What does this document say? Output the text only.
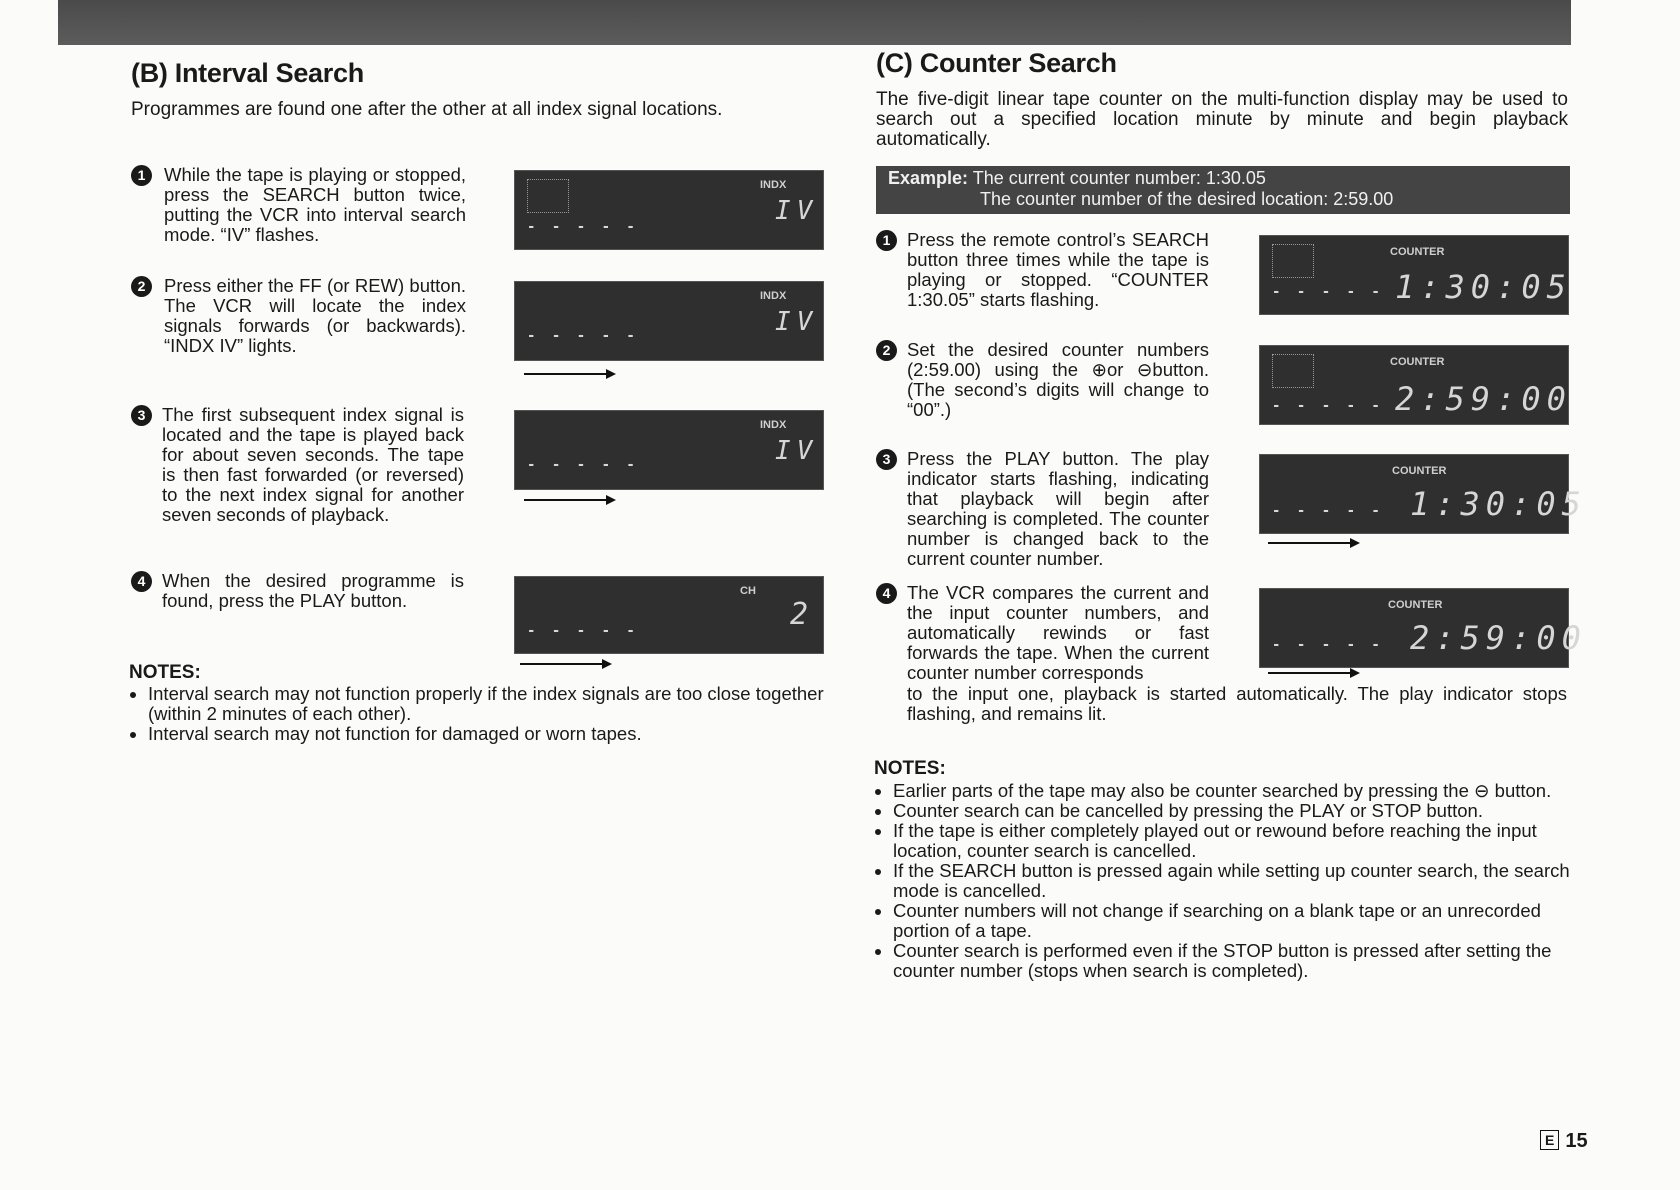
(B) Interval Search

Programmes are found one after the other at all index signal locations.

1	While the tape is playing or stopped, press the SEARCH button twice, putting the VCR into interval search mode. “IV” flashes.	- - - - -
INDX
IV
2	Press either the FF (or REW) button. The VCR will locate the index signals forwards (or backwards). “INDX IV” lights.	- - - - -
INDX
IV
3 The first subsequent index signal is located and the tape is played back for about seven seconds. The tape is then fast forwarded (or reversed) to the next index signal for another seven seconds of playback.
- - - - -
INDX
IV
4 When the desired programme is found, press the PLAY button.
- - - - -
CH
2
NOTES:
• Interval search may not function properly if the index signals are too close together (within 2 minutes of each other).
• Interval search may not function for damaged or worn tapes.
(C) Counter Search

The five-digit linear tape counter on the multi-function display may be used to search out a specified location minute by minute and begin playback automatically.

Example: The current counter number: 1:30.05
The counter number of the desired location: 2:59.00
1 Press the remote control’s SEARCH button three times while the tape is playing or stopped. “COUNTER 1:30.05” starts flashing.	- - - - -
COUNTER
1:30:05
2 Set the desired counter numbers (2:59.00) using the ⊕or ⊖button. (The second’s digits will change to “00”.)	- - - - -
COUNTER
2:59:00
3 Press the PLAY button. The play indicator starts flashing, indicating that playback will begin after searching is completed. The counter number is changed back to the current counter number.
- - - - -
COUNTER
1:30:05
4 The VCR compares the current and the input counter numbers, and automatically rewinds or fast forwards the tape. When the current counter number corresponds
to the input one, playback is started automatically. The play indicator stops flashing, and remains lit.
- - - - -
COUNTER
2:59:00
NOTES:
• Earlier parts of the tape may also be counter searched by pressing the ⊖ button.
• Counter search can be cancelled by pressing the PLAY or STOP button.
• If the tape is either completely played out or rewound before reaching the input location, counter search is cancelled.
• If the SEARCH button is pressed again while setting up counter search, the search mode is cancelled.
• Counter numbers will not change if searching on a blank tape or an unrecorded portion of a tape.
• Counter search is performed even if the STOP button is pressed after setting the counter number (stops when search is completed).
E 15
